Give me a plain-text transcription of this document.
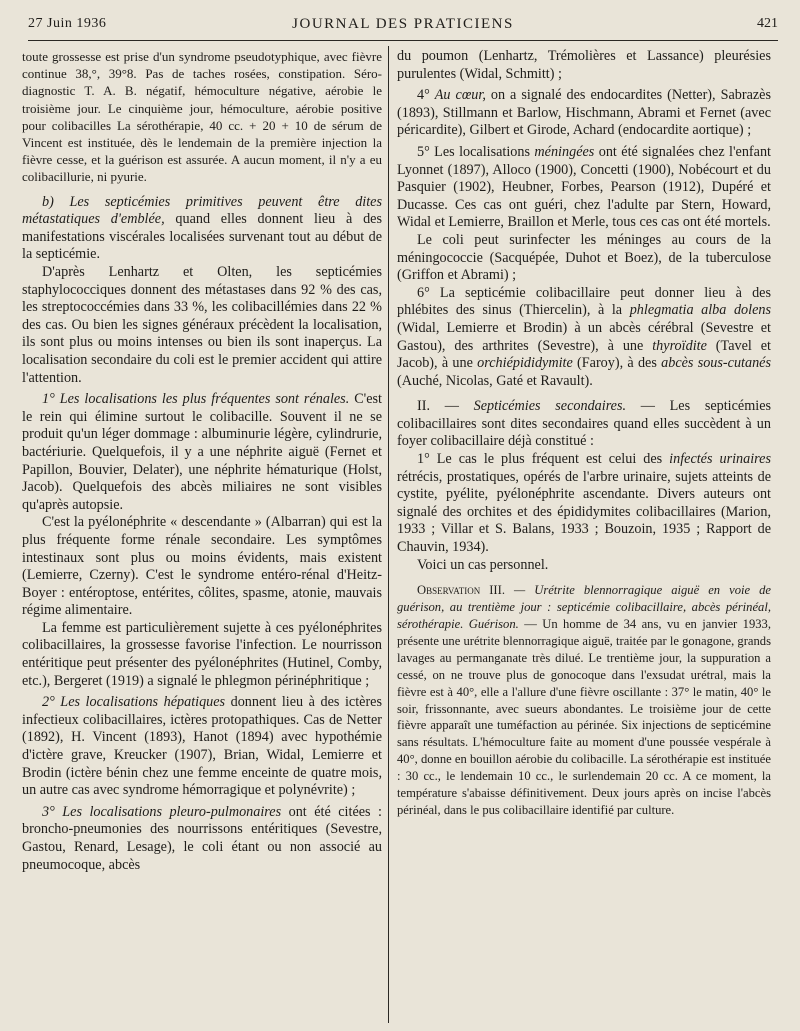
27 Juin 1936	JOURNAL DES PRATICIENS	421

toute grossesse est prise d'un syndrome pseudotyphique, avec fièvre continue 38,°, 39°8. Pas de taches rosées, constipation. Séro-diagnostic T. A. B. négatif, hémoculture négative, aérobie le troisième jour. Le cinquième jour, hémoculture, aérobie positive pour colibacilles La sérothérapie, 40 cc. + 20 + 10 de sérum de Vincent est instituée, dès le lendemain de la première injection la fièvre cesse, et la guérison est assurée. A aucun moment, il n'y a eu colibacillurie, ni pyurie.

b) Les septicémies primitives peuvent être dites métastatiques d'emblée, quand elles donnent lieu à des manifestations viscérales localisées survenant tout au début de la septicémie.

D'après Lenhartz et Olten, les septicémies staphylococciques donnent des métastases dans 92 % des cas, les streptococcémies dans 33 %, les colibacillémies dans 22 % des cas. Ou bien les signes généraux précèdent la localisation, ils sont plus ou moins intenses ou bien ils sont inaperçus. La localisation secondaire du coli est le premier accident qui attire l'attention.

1° Les localisations les plus fréquentes sont rénales. C'est le rein qui élimine surtout le colibacille. Souvent il ne se produit qu'un léger dommage : albuminurie légère, cylindrurie, bactériurie. Quelquefois, il y a une néphrite aiguë (Fernet et Papillon, Bouvier, Delater), une néphrite hématurique (Holst, Jacob). Quelquefois des abcès miliaires ne sont visibles qu'après autopsie.

C'est la pyélonéphrite « descendante » (Albarran) qui est la plus fréquente forme rénale secondaire. Les symptômes intestinaux sont plus ou moins évidents, mais existent (Lemierre, Czerny). C'est le syndrome entéro-rénal d'Heitz-Boyer : entéroptose, entérites, côlites, spasme, atonie, mauvais régime alimentaire.

La femme est particulièrement sujette à ces pyélonéphrites colibacillaires, la grossesse favorise l'infection. Le nourrisson entéritique peut présenter des pyélonéphrites (Hutinel, Comby, etc.), Bergeret (1919) a signalé le phlegmon périnéphritique ;

2° Les localisations hépatiques donnent lieu à des ictères infectieux colibacillaires, ictères protopathiques. Cas de Netter (1892), H. Vincent (1893), Hanot (1894) avec hypothémie d'ictère grave, Kreucker (1907), Brian, Widal, Lemierre et Brodin (ictère bénin chez une femme enceinte de quatre mois, un autre cas avec syndrome hémorragique et polynévrite) ;

3° Les localisations pleuro-pulmonaires ont été citées : broncho-pneumonies des nourrissons entéritiques (Sevestre, Gastou, Renard, Lesage), le coli étant ou non associé au pneumocoque, abcès

du poumon (Lenhartz, Trémolières et Lassance) pleurésies purulentes (Widal, Schmitt) ;

4° Au cœur, on a signalé des endocardites (Netter), Sabrazès (1893), Stillmann et Barlow, Hischmann, Abrami et Fernet (avec péricardite), Gilbert et Girode, Achard (endocardite aortique) ;

5° Les localisations méningées ont été signalées chez l'enfant Lyonnet (1897), Alloco (1900), Concetti (1900), Nobécourt et du Pasquier (1902), Heubner, Forbes, Pearson (1912), Dupéré et Ducasse. Ces cas ont guéri, chez l'adulte par Stern, Howard, Widal et Lemierre, Braillon et Merle, tous ces cas ont été mortels.

Le coli peut surinfecter les méninges au cours de la méningococcie (Sacquépée, Duhot et Boez), de la tuberculose (Griffon et Abrami) ;

6° La septicémie colibacillaire peut donner lieu à des phlébites des sinus (Thiercelin), à la phlegmatia alba dolens (Widal, Lemierre et Brodin) à un abcès cérébral (Sevestre et Gastou), des arthrites (Sevestre), à une thyroïdite (Tavel et Jacob), à une orchiépididymite (Faroy), à des abcès sous-cutanés (Auché, Nicolas, Gaté et Ravault).

II. — Septicémies secondaires. — Les septicémies colibacillaires sont dites secondaires quand elles succèdent à un foyer colibacillaire déjà constitué :

1° Le cas le plus fréquent est celui des infectés urinaires rétrécis, prostatiques, opérés de l'arbre urinaire, sujets atteints de cystite, pyélite, pyélonéphrite ascendante. Divers auteurs ont signalé des orchites et des épididymites colibacillaires (Marion, 1933 ; Villar et S. Balans, 1933 ; Bouzoin, 1935 ; Rapport de Chauvin, 1934).

Voici un cas personnel.

Observation III. — Urétrite blennorragique aiguë en voie de guérison, au trentième jour : septicémie colibacillaire, abcès périnéal, sérothérapie. Guérison. — Un homme de 34 ans, vu en janvier 1933, présente une urétrite blennorragique aiguë, traitée par le gonagone, grands lavages au permanganate très dilué. Le trentième jour, la suppuration a cessé, on ne trouve plus de gonocoque dans l'exsudat urétral, mais la fièvre est à 40°, elle a l'allure d'une fièvre oscillante : 37° le matin, 40° le soir, frissonnante, avec sueurs abondantes. Le troisième jour de cette fièvre apparaît une tuméfaction au périnée. Six injections de septicémine sans résultats. L'hémoculture faite au moment d'une poussée vespérale à 40°, donne en bouillon aérobie du colibacille. La sérothérapie est instituée : 30 cc., le lendemain 10 cc., le surlendemain 20 cc. A ce moment, la température s'abaisse définitivement. Deux jours après on incise l'abcès périnéal, dans le pus colibacillaire identifié par culture.
